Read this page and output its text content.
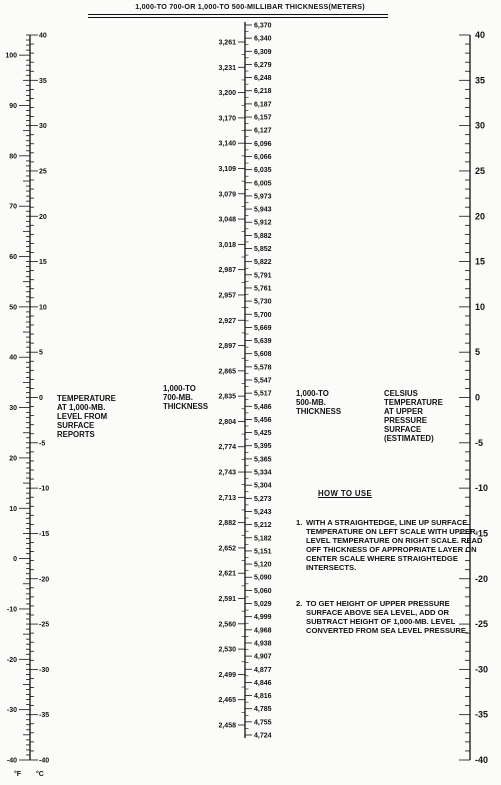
1,000-TO 700-OR 1,000-TO 500-MILLIBAR THICKNESS(METERS)
100
90
80
70
60
50
40
30
20
10
0
-10
-20
-30
-40
40
35
30
25
20
15
10
5
0
-5
-10
-15
-20
-25
-30
-35
-40
°F °C
6,370
6,340
6,309
6,279
6,248
6,218
6,187
6,157
6,127
6,096
6,066
6,035
6,005
5,973
5,943
5,912
5,882
5,852
5,822
5,791
5,761
5,730
5,700
5,669
5,639
5,608
5,578
5,547
5,517
5,486
5,456
5,425
5,395
5,365
5,334
5,304
5,273
5,243
5,212
5,182
5,151
5,120
5,090
5,060
5,029
4,999
4,968
4,938
4,907
4,877
4,846
4,816
4,785
4,755
4,724
3,261
3,231
3,200
3,170
3,140
3,109
3,079
3,048
3,018
2,987
2,957
2,927
2,897
2,865
2,835
2,804
2,774
2,743
2,713
2,882
2,652
2,621
2,591
2,560
2,530
2,499
2,465
2,458
40
35
30
25
20
15
10
5
0
-5
-10
-15
-20
-25
-30
-35
-40
TEMPERATURE
AT 1,000-MB.
LEVEL FROM
SURFACE
REPORTS
1,000-TO
700-MB.
THICKNESS
1,000-TO
500-MB.
THICKNESS
CELSIUS
TEMPERATURE
AT UPPER
PRESSURE
SURFACE
(ESTIMATED)
HOW TO USE
1. WITH A STRAIGHTEDGE, LINE UP SURFACE TEMPERATURE ON LEFT SCALE WITH UPPER-LEVEL TEMPERATURE ON RIGHT SCALE. READ OFF THICKNESS OF APPROPRIATE LAYER ON CENTER SCALE WHERE STRAIGHTEDGE INTERSECTS.
2. TO GET HEIGHT OF UPPER PRESSURE SURFACE ABOVE SEA LEVEL, ADD OR SUBTRACT HEIGHT OF 1,000-MB. LEVEL CONVERTED FROM SEA LEVEL PRESSURE.
